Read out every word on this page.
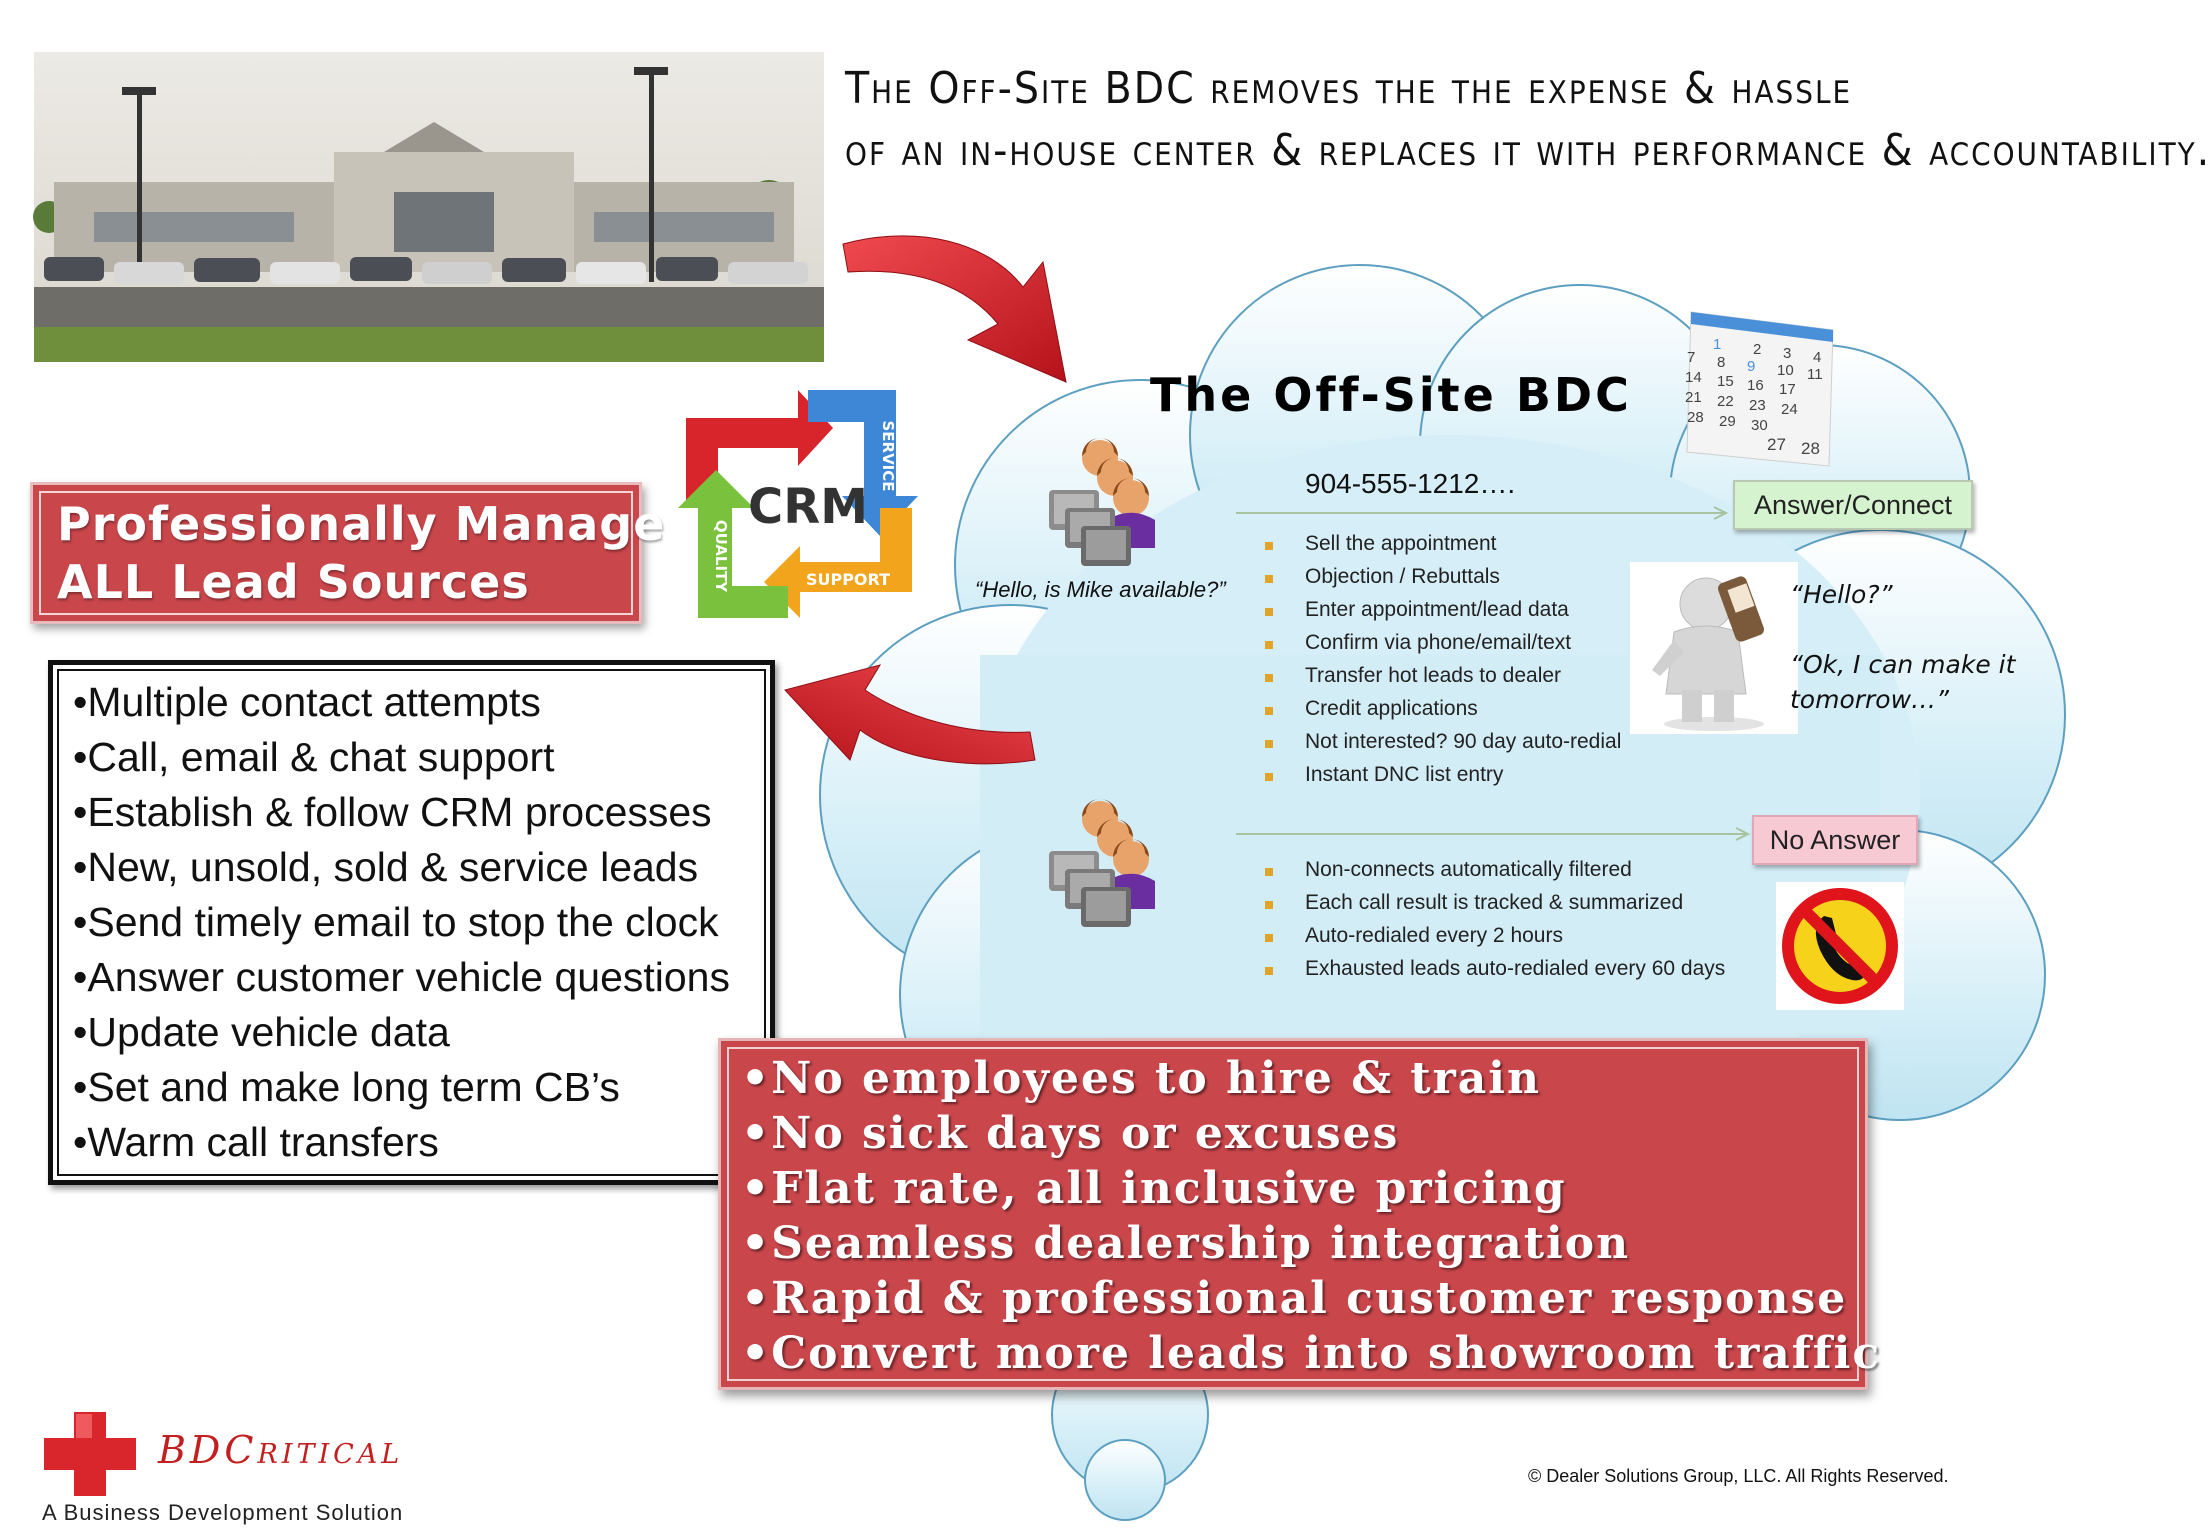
The Off-Site BDC removes the the expense & hassle
of an in-house center & replaces it with performance & accountability.
CRM
SALES
SERVICE
SUPPORT
QUALITY
Professionally Manage
ALL Lead Sources
•Multiple contact attempts
•Call, email & chat support
•Establish & follow CRM processes
•New, unsold, sold & service leads
•Send timely email to stop the clock
•Answer customer vehicle questions
•Update vehicle data
•Set and make long term CB’s
•Warm call transfers
The Off-Site BDC
1 2 3 4
7 8 9 10 11
14 15 16 17
21 22 23 24
28 29 30
27 28
“Hello, is Mike available?”
904-555-1212….
Answer/Connect
Sell the appointment
Objection / Rebuttals
Enter appointment/lead data
Confirm via phone/email/text
Transfer hot leads to dealer
Credit applications
Not interested? 90 day auto-redial
Instant DNC list entry
“Hello?”
“Ok, I can make it
tomorrow…”
No Answer
Non-connects automatically filtered
Each call result is tracked & summarized
Auto-redialed every 2 hours
Exhausted leads auto-redialed every 60 days
•No employees to hire & train
•No sick days or excuses
•Flat rate, all inclusive pricing
•Seamless dealership integration
•Rapid & professional customer response
•Convert more leads into showroom traffic
BDCritical
A Business Development Solution
© Dealer Solutions Group, LLC. All Rights Reserved.
